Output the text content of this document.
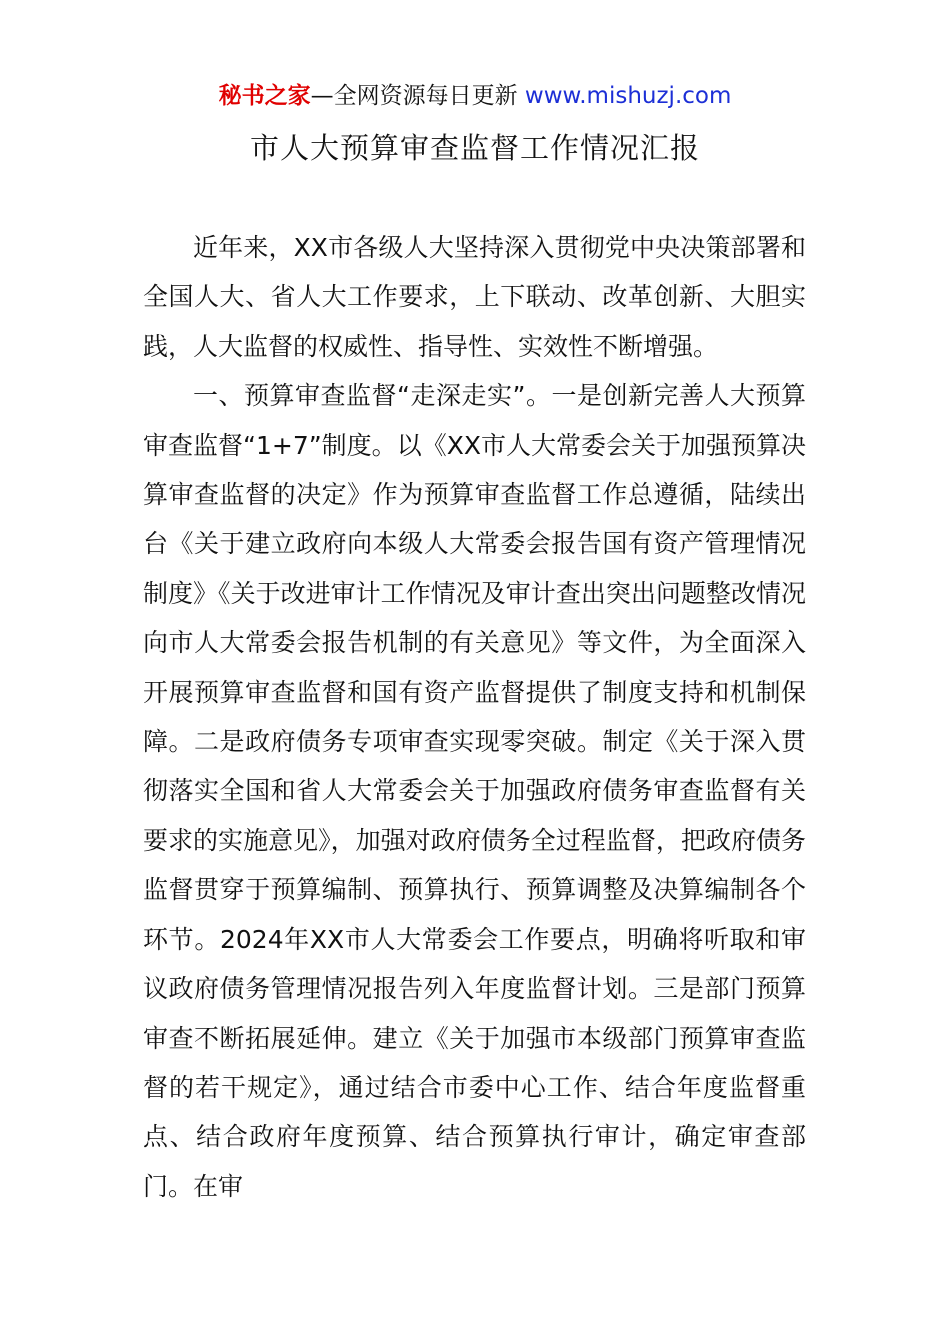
秘书之家—全网资源每日更新 www.mishuzj.com
市人大预算审查监督工作情况汇报

近年来，XX市各级人大坚持深入贯彻党中央决策部署和全国人大、省人大工作要求，上下联动、改革创新、大胆实践，人大监督的权威性、指导性、实效性不断增强。

一、预算审查监督“走深走实”。一是创新完善人大预算审查监督“1+7”制度。以《XX市人大常委会关于加强预算决算审查监督的决定》作为预算审查监督工作总遵循，陆续出台《关于建立政府向本级人大常委会报告国有资产管理情况制度》《关于改进审计工作情况及审计查出突出问题整改情况向市人大常委会报告机制的有关意见》等文件，为全面深入开展预算审查监督和国有资产监督提供了制度支持和机制保障。二是政府债务专项审查实现零突破。制定《关于深入贯彻落实全国和省人大常委会关于加强政府债务审查监督有关要求的实施意见》，加强对政府债务全过程监督，把政府债务监督贯穿于预算编制、预算执行、预算调整及决算编制各个环节。2024年XX市人大常委会工作要点，明确将听取和审议政府债务管理情况报告列入年度监督计划。三是部门预算审查不断拓展延伸。建立《关于加强市本级部门预算审查监督的若干规定》，通过结合市委中心工作、结合年度监督重点、结合政府年度预算、结合预算执行审计，确定审查部门。在审
